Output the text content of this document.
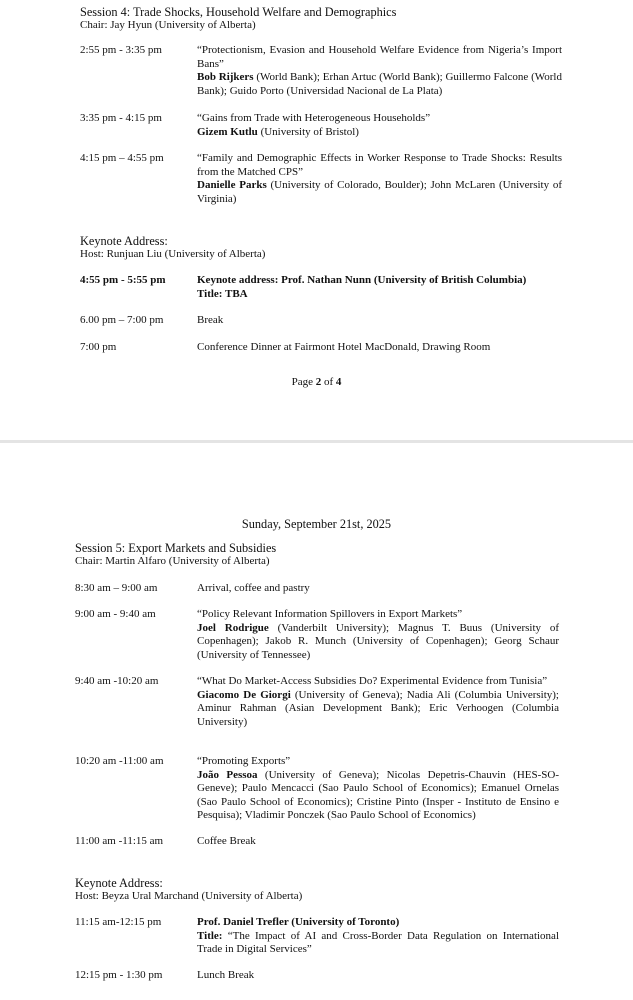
Session 4: Trade Shocks, Household Welfare and Demographics
Chair: Jay Hyun (University of Alberta)
2:55 pm - 3:35 pm	“Protectionism, Evasion and Household Welfare Evidence from Nigeria’s Import Bans”
Bob Rijkers (World Bank); Erhan Artuc (World Bank); Guillermo Falcone (World Bank); Guido Porto (Universidad Nacional de La Plata)
3:35 pm - 4:15 pm	“Gains from Trade with Heterogeneous Households”
Gizem Kutlu (University of Bristol)
4:15 pm – 4:55 pm	“Family and Demographic Effects in Worker Response to Trade Shocks: Results from the Matched CPS”
Danielle Parks (University of Colorado, Boulder); John McLaren (University of Virginia)
Keynote Address:
Host: Runjuan Liu (University of Alberta)
4:55 pm - 5:55 pm	Keynote address: Prof. Nathan Nunn (University of British Columbia)
Title: TBA
6.00 pm – 7:00 pm	Break
7:00 pm	Conference Dinner at Fairmont Hotel MacDonald, Drawing Room
Page 2 of 4
Sunday, September 21st, 2025
Session 5: Export Markets and Subsidies
Chair: Martin Alfaro (University of Alberta)
8:30 am – 9:00 am	Arrival, coffee and pastry
9:00 am - 9:40 am	“Policy Relevant Information Spillovers in Export Markets”
Joel Rodrigue (Vanderbilt University); Magnus T. Buus (University of Copenhagen); Jakob R. Munch (University of Copenhagen); Georg Schaur (University of Tennessee)
9:40 am -10:20 am	“What Do Market-Access Subsidies Do? Experimental Evidence from Tunisia”
Giacomo De Giorgi (University of Geneva); Nadia Ali (Columbia University); Aminur Rahman (Asian Development Bank); Eric Verhoogen (Columbia University)
10:20 am -11:00 am	“Promoting Exports”
João Pessoa (University of Geneva); Nicolas Depetris-Chauvin (HES-SO-Geneve); Paulo Mencacci (Sao Paulo School of Economics); Emanuel Ornelas (Sao Paulo School of Economics); Cristine Pinto (Insper - Instituto de Ensino e Pesquisa); Vladimir Ponczek (Sao Paulo School of Economics)
11:00 am -11:15 am	Coffee Break
Keynote Address:
Host: Beyza Ural Marchand (University of Alberta)
11:15 am-12:15 pm	Prof. Daniel Trefler (University of Toronto)
Title: “The Impact of AI and Cross-Border Data Regulation on International Trade in Digital Services”
12:15 pm - 1:30 pm	Lunch Break
